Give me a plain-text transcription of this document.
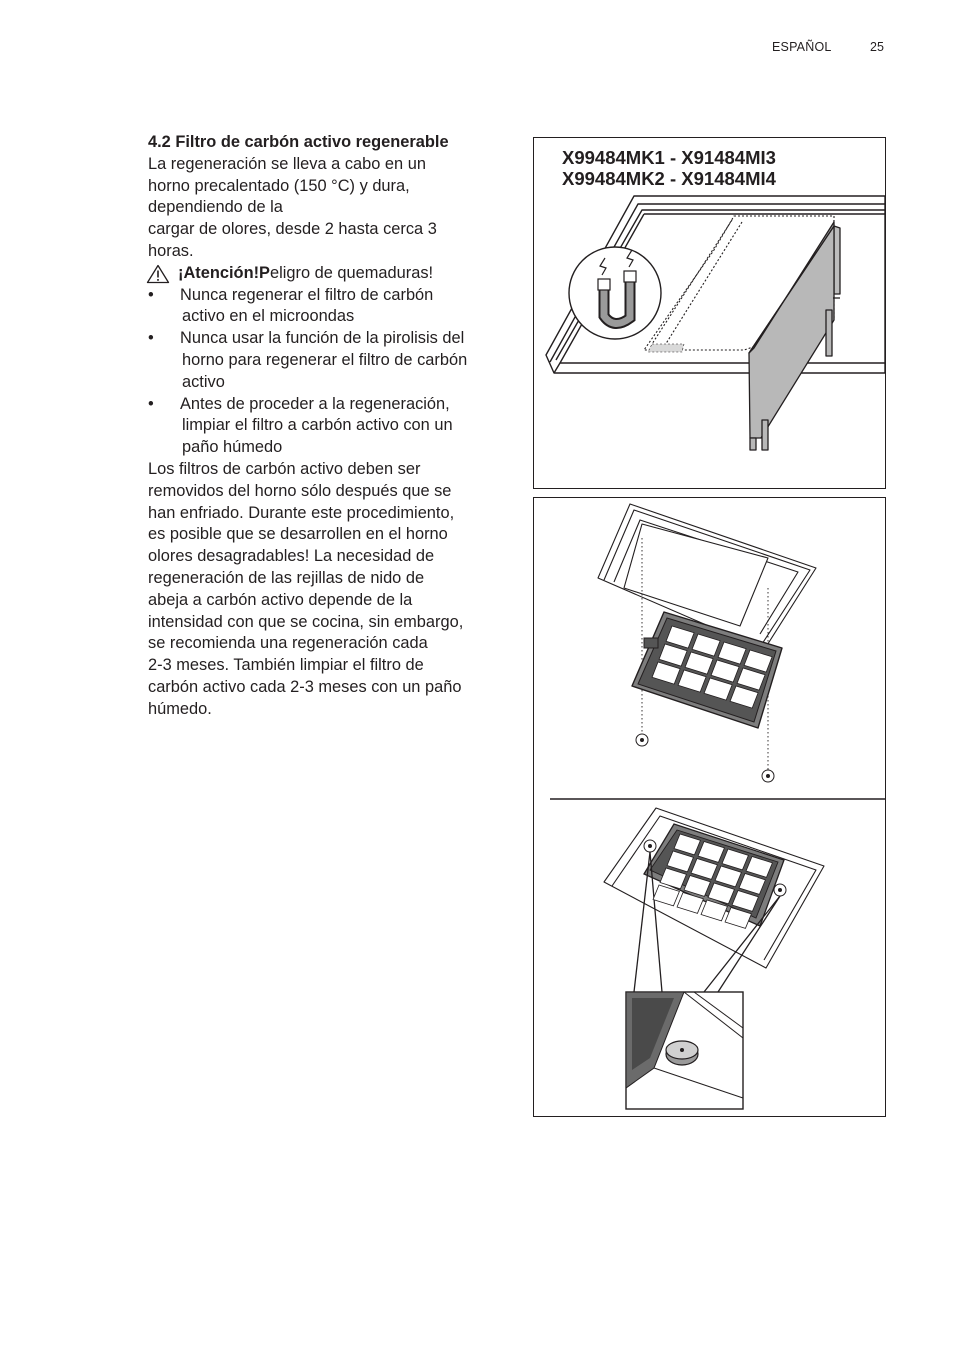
ESPAÑOL	25

4.2 Filtro de carbón activo regenerable

La regeneración se lleva a cabo en un

horno precalentado (150 °C) y dura,

dependiendo de la

cargar de olores, desde 2 hasta cerca 3

horas.

¡Atención!P eligro de quemaduras!

• Nunca regenerar el filtro de carbón
activo en el microondas
• Nunca usar la función de la pirolisis del
horno para regenerar el filtro de carbón
activo
• Antes de proceder a la regeneración,
limpiar el filtro a carbón activo con un
paño húmedo

Los filtros de carbón activo deben ser

removidos del horno sólo después que se

han enfriado. Durante este procedimiento,

es posible que se desarrollen en el horno

olores desagradables! La necesidad de

regeneración de las rejillas de nido de

abeja a carbón activo depende de la

intensidad con que se cocina, sin embargo,

se recomienda una regeneración cada

2-3 meses. También limpiar el filtro de

carbón activo cada 2-3 meses con un paño

húmedo.

X99484MK1 - X91484MI3
X99484MK2 - X91484MI4
